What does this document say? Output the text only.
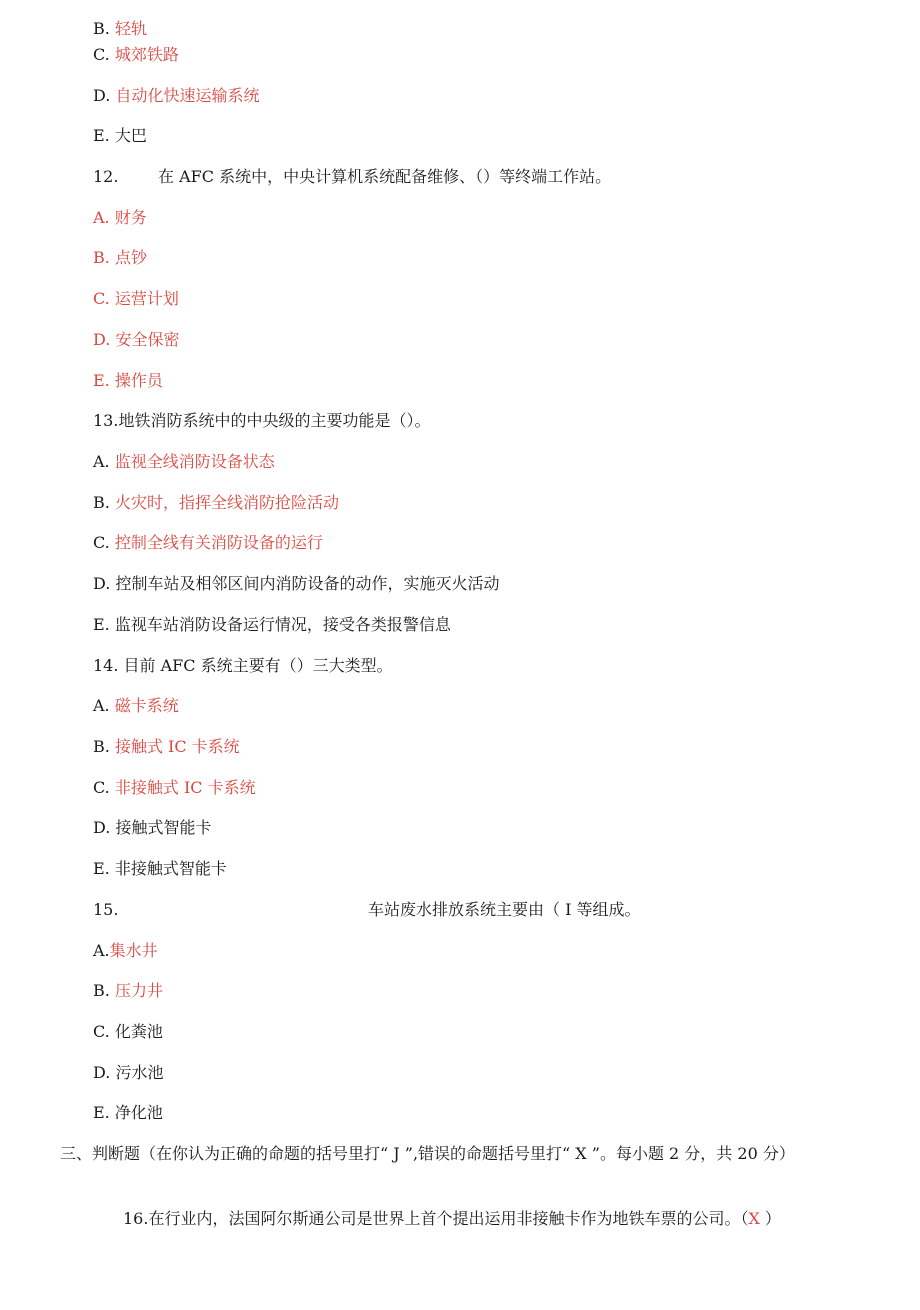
B. 轻轨
C. 城郊铁路
D. 自动化快速运输系统
E. 大巴
12. 在 AFC 系统中，中央计算机系统配备维修、（）等终端工作站。
A. 财务
B. 点钞
C. 运营计划
D. 安全保密
E. 操作员
13.地铁消防系统中的中央级的主要功能是（）。
A. 监视全线消防设备状态
B. 火灾时，指挥全线消防抢险活动
C. 控制全线有关消防设备的运行
D. 控制车站及相邻区间内消防设备的动作，实施灭火活动
E. 监视车站消防设备运行情况，接受各类报警信息
14. 目前 AFC 系统主要有（）三大类型。
A. 磁卡系统
B. 接触式 IC 卡系统
C. 非接触式 IC 卡系统
D. 接触式智能卡
E. 非接触式智能卡
15.	车站废水排放系统主要由（ I 等组成。
A.集水井
B. 压力井
C. 化粪池
D. 污水池
E. 净化池
三、判断题（在你认为正确的命题的括号里打“ J ”,错误的命题括号里打“ X ”。每小题 2 分，共 20 分）
16.在行业内，法国阿尔斯通公司是世界上首个提出运用非接触卡作为地铁车票的公司。（X ）
